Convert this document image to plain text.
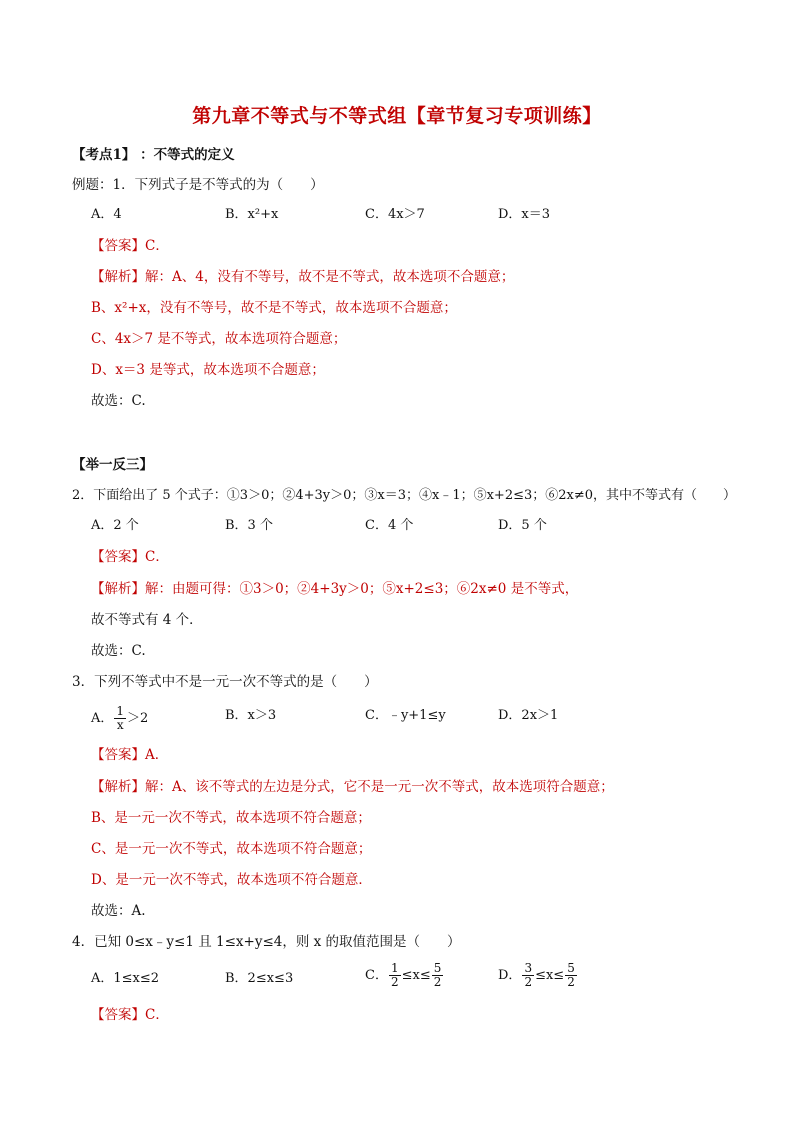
第九章不等式与不等式组【章节复习专项训练】
【考点1】 ：不等式的定义
例题：1．下列式子是不等式的为（　　）
A．4	B．x²+x	C．4x＞7	D．x＝3
【答案】C．
【解析】解：A、4，没有不等号，故不是不等式，故本选项不合题意；
B、x²+x，没有不等号，故不是不等式，故本选项不合题意；
C、4x＞7 是不等式，故本选项符合题意；
D、x＝3 是等式，故本选项不合题意；
故选：C.
【举一反三】
2．下面给出了 5 个式子：①3＞0；②4+3y＞0；③x＝3；④x﹣1；⑤x+2≤3；⑥2x≠0，其中不等式有（　　）
A．2 个	B．3 个	C．4 个	D．5 个
【答案】C．
【解析】解：由题可得：①3＞0；②4+3y＞0；⑤x+2≤3；⑥2x≠0 是不等式，
故不等式有 4 个．
故选：C.
3．下列不等式中不是一元一次不等式的是（　　）
A． $\frac{1}{x} >2$	B．x＞3	C．﹣y+1≤y	D．2x＞1
【答案】A．
【解析】解：A、该不等式的左边是分式，它不是一元一次不等式，故本选项符合题意；
B、是一元一次不等式，故本选项不符合题意；
C、是一元一次不等式，故本选项不符合题意；
D、是一元一次不等式，故本选项不符合题意．
故选：A.
4．已知 0≤x﹣y≤1 且 1≤x+y≤4，则 x 的取值范围是（　　）
A．1≤x≤2	B．2≤x≤3	C． $\frac{1}{2} \le x\le \frac{5}{2}$	D． $\frac{3}{2} \le x\le \frac{5}{2}$
【答案】C．
